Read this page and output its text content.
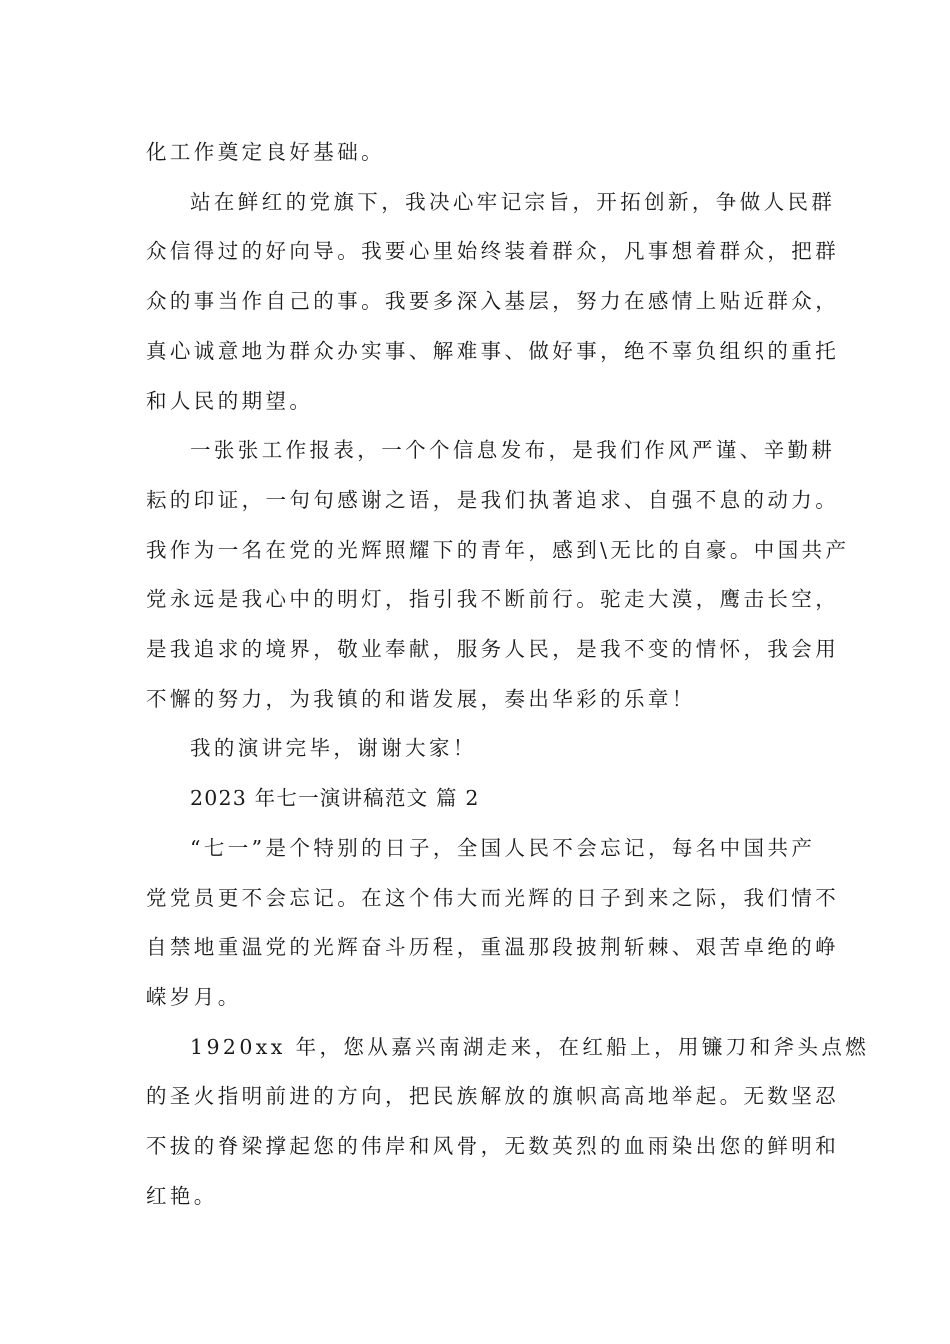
化工作奠定良好基础。
站在鲜红的党旗下，我决心牢记宗旨，开拓创新，争做人民群
众信得过的好向导。我要心里始终装着群众，凡事想着群众，把群
众的事当作自己的事。我要多深入基层，努力在感情上贴近群众，
真心诚意地为群众办实事、解难事、做好事，绝不辜负组织的重托
和人民的期望。
一张张工作报表，一个个信息发布，是我们作风严谨、辛勤耕
耘的印证，一句句感谢之语，是我们执著追求、自强不息的动力。
我作为一名在党的光辉照耀下的青年，感到\无比的自豪。中国共产
党永远是我心中的明灯，指引我不断前行。驼走大漠，鹰击长空，
是我追求的境界，敬业奉献，服务人民，是我不变的情怀，我会用
不懈的努力，为我镇的和谐发展，奏出华彩的乐章！
我的演讲完毕，谢谢大家！
2023 年七一演讲稿范文 篇 2
“七一”是个特别的日子，全国人民不会忘记，每名中国共产
党党员更不会忘记。在这个伟大而光辉的日子到来之际，我们情不
自禁地重温党的光辉奋斗历程，重温那段披荆斩棘、艰苦卓绝的峥
嵘岁月。
1920xx 年，您从嘉兴南湖走来，在红船上，用镰刀和斧头点燃
的圣火指明前进的方向，把民族解放的旗帜高高地举起。无数坚忍
不拔的脊梁撑起您的伟岸和风骨，无数英烈的血雨染出您的鲜明和
红艳。
